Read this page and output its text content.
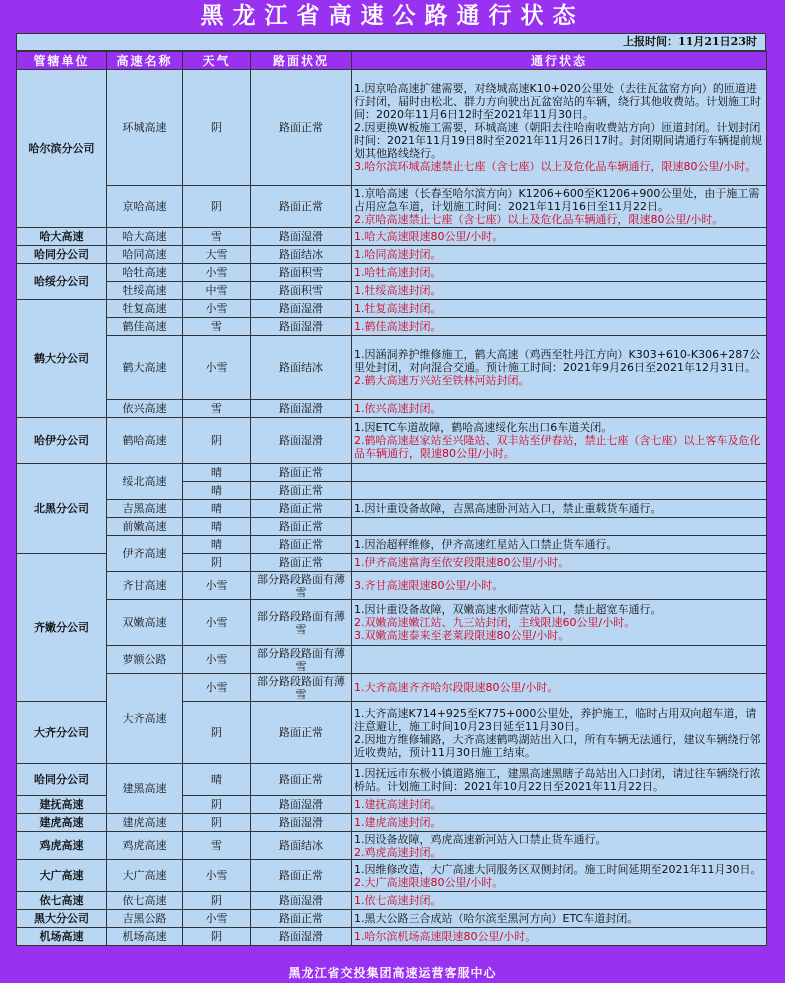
黑龙江省高速公路通行状态
上报时间：11月21日23时
管辖单位	高速名称	天气	路面状况	通行状态
哈尔滨分公司	环城高速	阴	路面正常	1.因京哈高速扩建需要，对绕城高速K10+020公里处（去往瓦盆窑方向）的匝道进行封闭，届时由松北、群力方向驶出瓦盆窑站的车辆，绕行其他收费站。计划施工时间：2020年11月6日12时至2021年11月30日。
2.因更换W板施工需要，环城高速（朝阳去往哈南收费站方向）匝道封闭。计划封闭时间：2021年11月19日8时至2021年11月26日17时。封闭期间请通行车辆提前规划其他路线绕行。
3.哈尔滨环城高速禁止七座（含七座）以上及危化品车辆通行，限速80公里/小时。

	京哈高速	阴	路面正常	1.京哈高速（长春至哈尔滨方向）K1206+600至K1206+900公里处，由于施工需占用应急车道，计划施工时间：2021年11月16日至11月22日。
2.京哈高速禁止七座（含七座）以上及危化品车辆通行，限速80公里/小时。

哈大高速	哈大高速	雪	路面湿滑	1.哈大高速限速80公里/小时。

哈同分公司	哈同高速	大雪	路面结冰	1.哈同高速封闭。

哈绥分公司	哈牡高速	小雪	路面积雪	1.哈牡高速封闭。

	牡绥高速	中雪	路面积雪	1.牡绥高速封闭。

鹤大分公司	牡复高速	小雪	路面湿滑	1.牡复高速封闭。

	鹤佳高速	雪	路面湿滑	1.鹤佳高速封闭。

	鹤大高速	小雪	路面结冰	1.因涵洞养护维修施工，鹤大高速（鸡西至牡丹江方向）K303+610-K306+287公里处封闭，对向混合交通。预计施工时间：2021年9月26日至2021年12月31日。
2.鹤大高速万兴站至铁林河站封闭。

	依兴高速	雪	路面湿滑	1.依兴高速封闭。

哈伊分公司	鹤哈高速	阴	路面湿滑	1.因ETC车道故障，鹤哈高速绥化东出口6车道关闭。
2.鹤哈高速赵家站至兴隆站、双丰站至伊春站，禁止七座（含七座）以上客车及危化品车辆通行，限速80公里/小时。

北黑分公司	绥北高速	晴	路面正常	
		晴	路面正常	
	吉黑高速	晴	路面正常	1.因计重设备故障，吉黑高速卧河站入口，禁止重载货车通行。

	前嫩高速	晴	路面正常	
	伊齐高速	晴	路面正常	1.因治超秤维修，伊齐高速红星站入口禁止货车通行。

齐嫩分公司		阴	路面正常	1.伊齐高速富海至依安段限速80公里/小时。

	齐甘高速	小雪	部分路段路面有薄雪	3.齐甘高速限速80公里/小时。

	双嫩高速	小雪	部分路段路面有薄雪	1.因计重设备故障，双嫩高速水师营站入口，禁止超宽车通行。
2.双嫩高速嫩江站、九三站封闭，主线限速60公里/小时。
3.双嫩高速泰来至老莱段限速80公里/小时。

	萝额公路	小雪	部分路段路面有薄雪	
	大齐高速	小雪	部分路段路面有薄雪	1.大齐高速齐齐哈尔段限速80公里/小时。

大齐分公司		阴	路面正常	1.大齐高速K714+925至K775+000公里处，养护施工，临时占用双向超车道，请注意避让，施工时间10月23日延至11月30日。
2.因地方维修辅路，大齐高速鹤鸣湖站出入口，所有车辆无法通行，建议车辆绕行邻近收费站，预计11月30日施工结束。

哈同分公司	建黑高速	晴	路面正常	1.因抚远市东极小镇道路施工，建黑高速黑瞎子岛站出入口封闭，请过往车辆绕行浓桥站。计划施工时间：2021年10月22日至2021年11月22日。

建抚高速		阴	路面湿滑	1.建抚高速封闭。

建虎高速	建虎高速	阴	路面湿滑	1.建虎高速封闭。

鸡虎高速	鸡虎高速	雪	路面结冰	1.因设备故障，鸡虎高速新河站入口禁止货车通行。
2.鸡虎高速封闭。

大广高速	大广高速	小雪	路面正常	1.因维修改造，大广高速大同服务区双侧封闭。施工时间延期至2021年11月30日。
2.大广高速限速80公里/小时。

依七高速	依七高速	阴	路面湿滑	1.依七高速封闭。

黑大分公司	吉黑公路	小雪	路面正常	1.黑大公路三合成站（哈尔滨至黑河方向）ETC车道封闭。

机场高速	机场高速	阴	路面湿滑	1.哈尔滨机场高速限速80公里/小时。
黑龙江省交投集团高速运营客服中心
